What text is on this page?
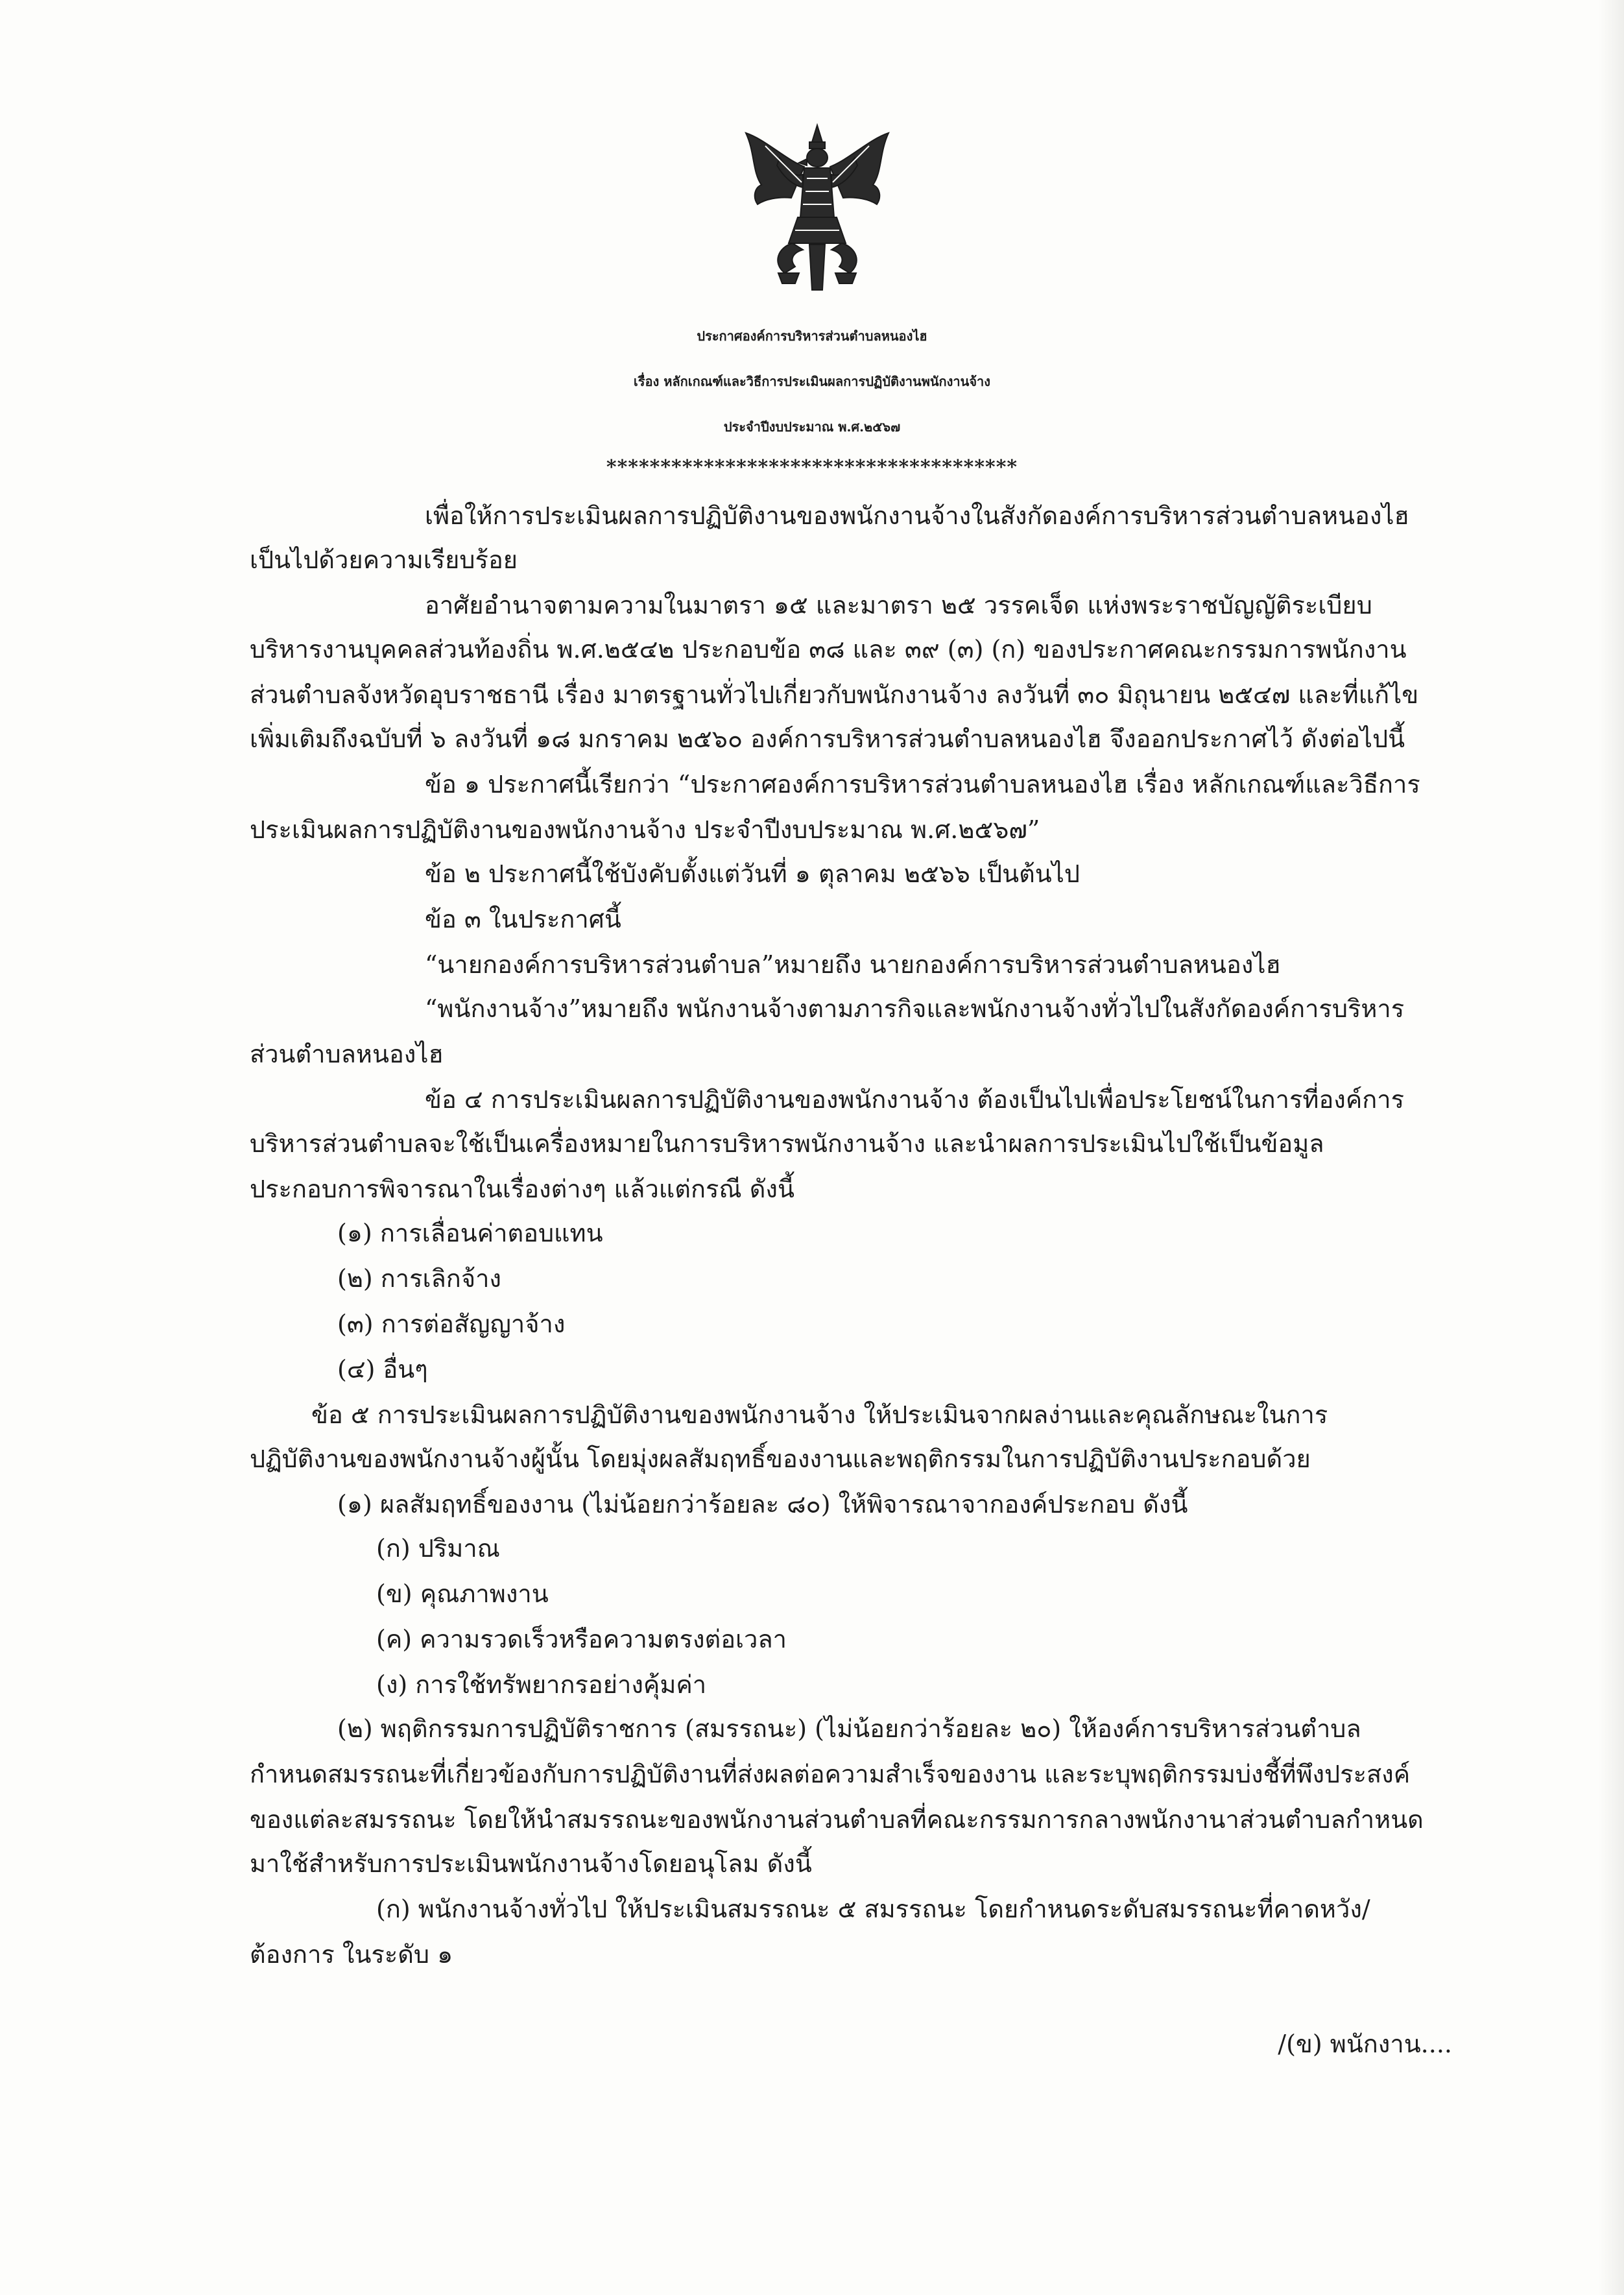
ประกาศองค์การบริหารส่วนตำบลหนองไฮ
เรื่อง หลักเกณฑ์และวิธีการประเมินผลการปฏิบัติงานพนักงานจ้าง
ประจำปีงบประมาณ พ.ศ.๒๕๖๗
**************************************
เพื่อให้การประเมินผลการปฏิบัติงานของพนักงานจ้างในสังกัดองค์การบริหารส่วนตำบลหนองไฮ
เป็นไปด้วยความเรียบร้อย
อาศัยอำนาจตามความในมาตรา ๑๕ และมาตรา ๒๕ วรรคเจ็ด แห่งพระราชบัญญัติระเบียบ
บริหารงานบุคคลส่วนท้องถิ่น พ.ศ.๒๕๔๒ ประกอบข้อ ๓๘ และ ๓๙ (๓) (ก) ของประกาศคณะกรรมการพนักงาน
ส่วนตำบลจังหวัดอุบราชธานี เรื่อง มาตรฐานทั่วไปเกี่ยวกับพนักงานจ้าง ลงวันที่ ๓๐ มิถุนายน ๒๕๔๗ และที่แก้ไข
เพิ่มเติมถึงฉบับที่ ๖ ลงวันที่ ๑๘ มกราคม ๒๕๖๐ องค์การบริหารส่วนตำบลหนองไฮ จึงออกประกาศไว้ ดังต่อไปนี้
ข้อ ๑ ประกาศนี้เรียกว่า “ประกาศองค์การบริหารส่วนตำบลหนองไฮ เรื่อง หลักเกณฑ์และวิธีการ
ประเมินผลการปฏิบัติงานของพนักงานจ้าง ประจำปีงบประมาณ พ.ศ.๒๕๖๗”
ข้อ ๒ ประกาศนี้ใช้บังคับตั้งแต่วันที่ ๑ ตุลาคม ๒๕๖๖ เป็นต้นไป
ข้อ ๓ ในประกาศนี้
“นายกองค์การบริหารส่วนตำบล”หมายถึง นายกองค์การบริหารส่วนตำบลหนองไฮ
“พนักงานจ้าง”หมายถึง พนักงานจ้างตามภารกิจและพนักงานจ้างทั่วไปในสังกัดองค์การบริหาร
ส่วนตำบลหนองไฮ
ข้อ ๔ การประเมินผลการปฏิบัติงานของพนักงานจ้าง ต้องเป็นไปเพื่อประโยชน์ในการที่องค์การ
บริหารส่วนตำบลจะใช้เป็นเครื่องหมายในการบริหารพนักงานจ้าง และนำผลการประเมินไปใช้เป็นข้อมูล
ประกอบการพิจารณาในเรื่องต่างๆ แล้วแต่กรณี ดังนี้
(๑) การเลื่อนค่าตอบแทน
(๒) การเลิกจ้าง
(๓) การต่อสัญญาจ้าง
(๔) อื่นๆ
ข้อ ๕ การประเมินผลการปฏิบัติงานของพนักงานจ้าง ให้ประเมินจากผลง่านและคุณลักษณะในการ
ปฏิบัติงานของพนักงานจ้างผู้นั้น โดยมุ่งผลสัมฤทธิ์ของงานและพฤติกรรมในการปฏิบัติงานประกอบด้วย
(๑) ผลสัมฤทธิ์ของงาน (ไม่น้อยกว่าร้อยละ ๘๐) ให้พิจารณาจากองค์ประกอบ ดังนี้
(ก) ปริมาณ
(ข) คุณภาพงาน
(ค) ความรวดเร็วหรือความตรงต่อเวลา
(ง) การใช้ทรัพยากรอย่างคุ้มค่า
(๒) พฤติกรรมการปฏิบัติราชการ (สมรรถนะ) (ไม่น้อยกว่าร้อยละ ๒๐) ให้องค์การบริหารส่วนตำบล
กำหนดสมรรถนะที่เกี่ยวข้องกับการปฏิบัติงานที่ส่งผลต่อความสำเร็จของงาน และระบุพฤติกรรมบ่งชี้ที่พึงประสงค์
ของแต่ละสมรรถนะ โดยให้นำสมรรถนะของพนักงานส่วนตำบลที่คณะกรรมการกลางพนักงานาส่วนตำบลกำหนด
มาใช้สำหรับการประเมินพนักงานจ้างโดยอนุโลม ดังนี้
(ก) พนักงานจ้างทั่วไป ให้ประเมินสมรรถนะ ๕ สมรรถนะ โดยกำหนดระดับสมรรถนะที่คาดหวัง/
ต้องการ ในระดับ ๑
/(ข) พนักงาน....
